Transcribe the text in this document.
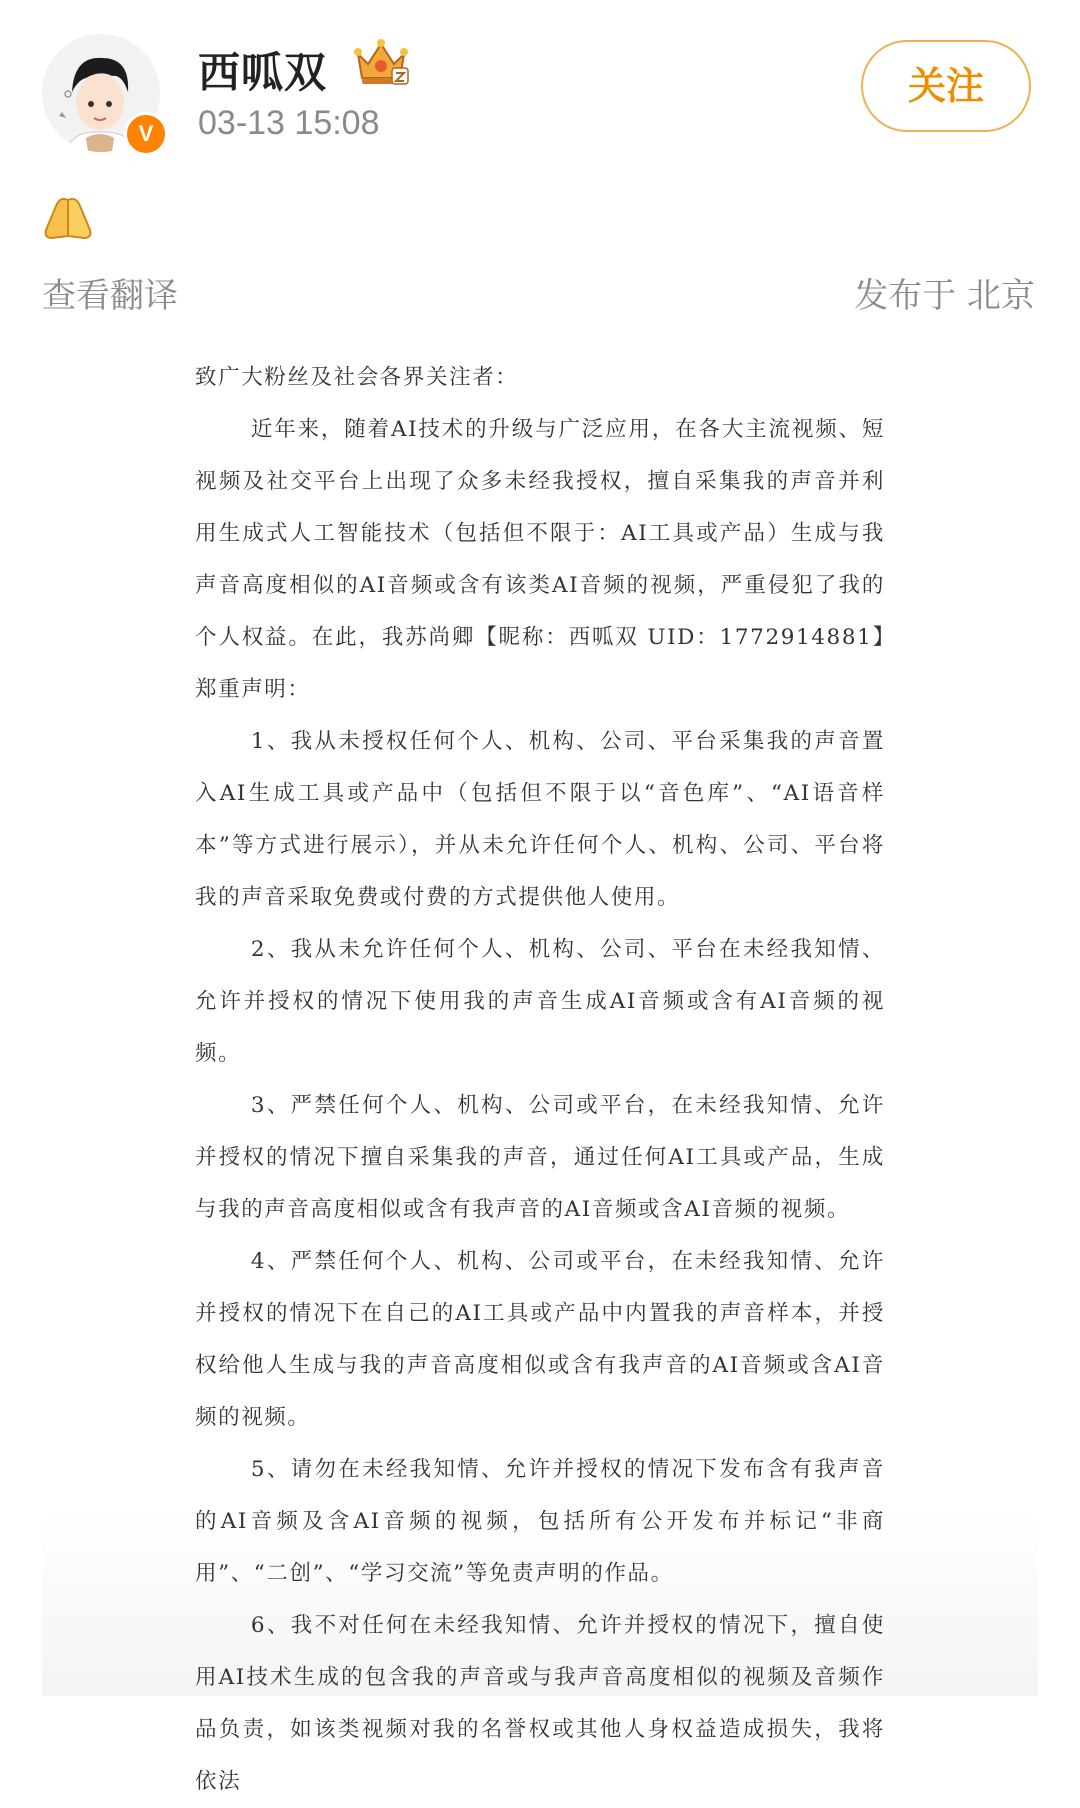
V
西呱双
03-13 15:08
关注
查看翻译	发布于 北京

致广大粉丝及社会各界关注者：

近年来，随着AI技术的升级与广泛应用，在各大主流视频、短视频及社交平台上出现了众多未经我授权，擅自采集我的声音并利用生成式人工智能技术（包括但不限于：AI工具或产品）生成与我声音高度相似的AI音频或含有该类AI音频的视频，严重侵犯了我的个人权益。在此，我苏尚卿【昵称：西呱双 UID：1772914881】郑重声明：

1、我从未授权任何个人、机构、公司、平台采集我的声音置入AI生成工具或产品中（包括但不限于以“音色库”、“AI语音样本”等方式进行展示），并从未允许任何个人、机构、公司、平台将我的声音采取免费或付费的方式提供他人使用。

2、我从未允许任何个人、机构、公司、平台在未经我知情、允许并授权的情况下使用我的声音生成AI音频或含有AI音频的视频。

3、严禁任何个人、机构、公司或平台，在未经我知情、允许并授权的情况下擅自采集我的声音，通过任何AI工具或产品，生成与我的声音高度相似或含有我声音的AI音频或含AI音频的视频。

4、严禁任何个人、机构、公司或平台，在未经我知情、允许并授权的情况下在自己的AI工具或产品中内置我的声音样本，并授权给他人生成与我的声音高度相似或含有我声音的AI音频或含AI音频的视频。

5、请勿在未经我知情、允许并授权的情况下发布含有我声音的AI音频及含AI音频的视频，包括所有公开发布并标记“非商用”、“二创”、“学习交流”等免责声明的作品。

6、我不对任何在未经我知情、允许并授权的情况下，擅自使用AI技术生成的包含我的声音或与我声音高度相似的视频及音频作品负责，如该类视频对我的名誉权或其他人身权益造成损失，我将依法
